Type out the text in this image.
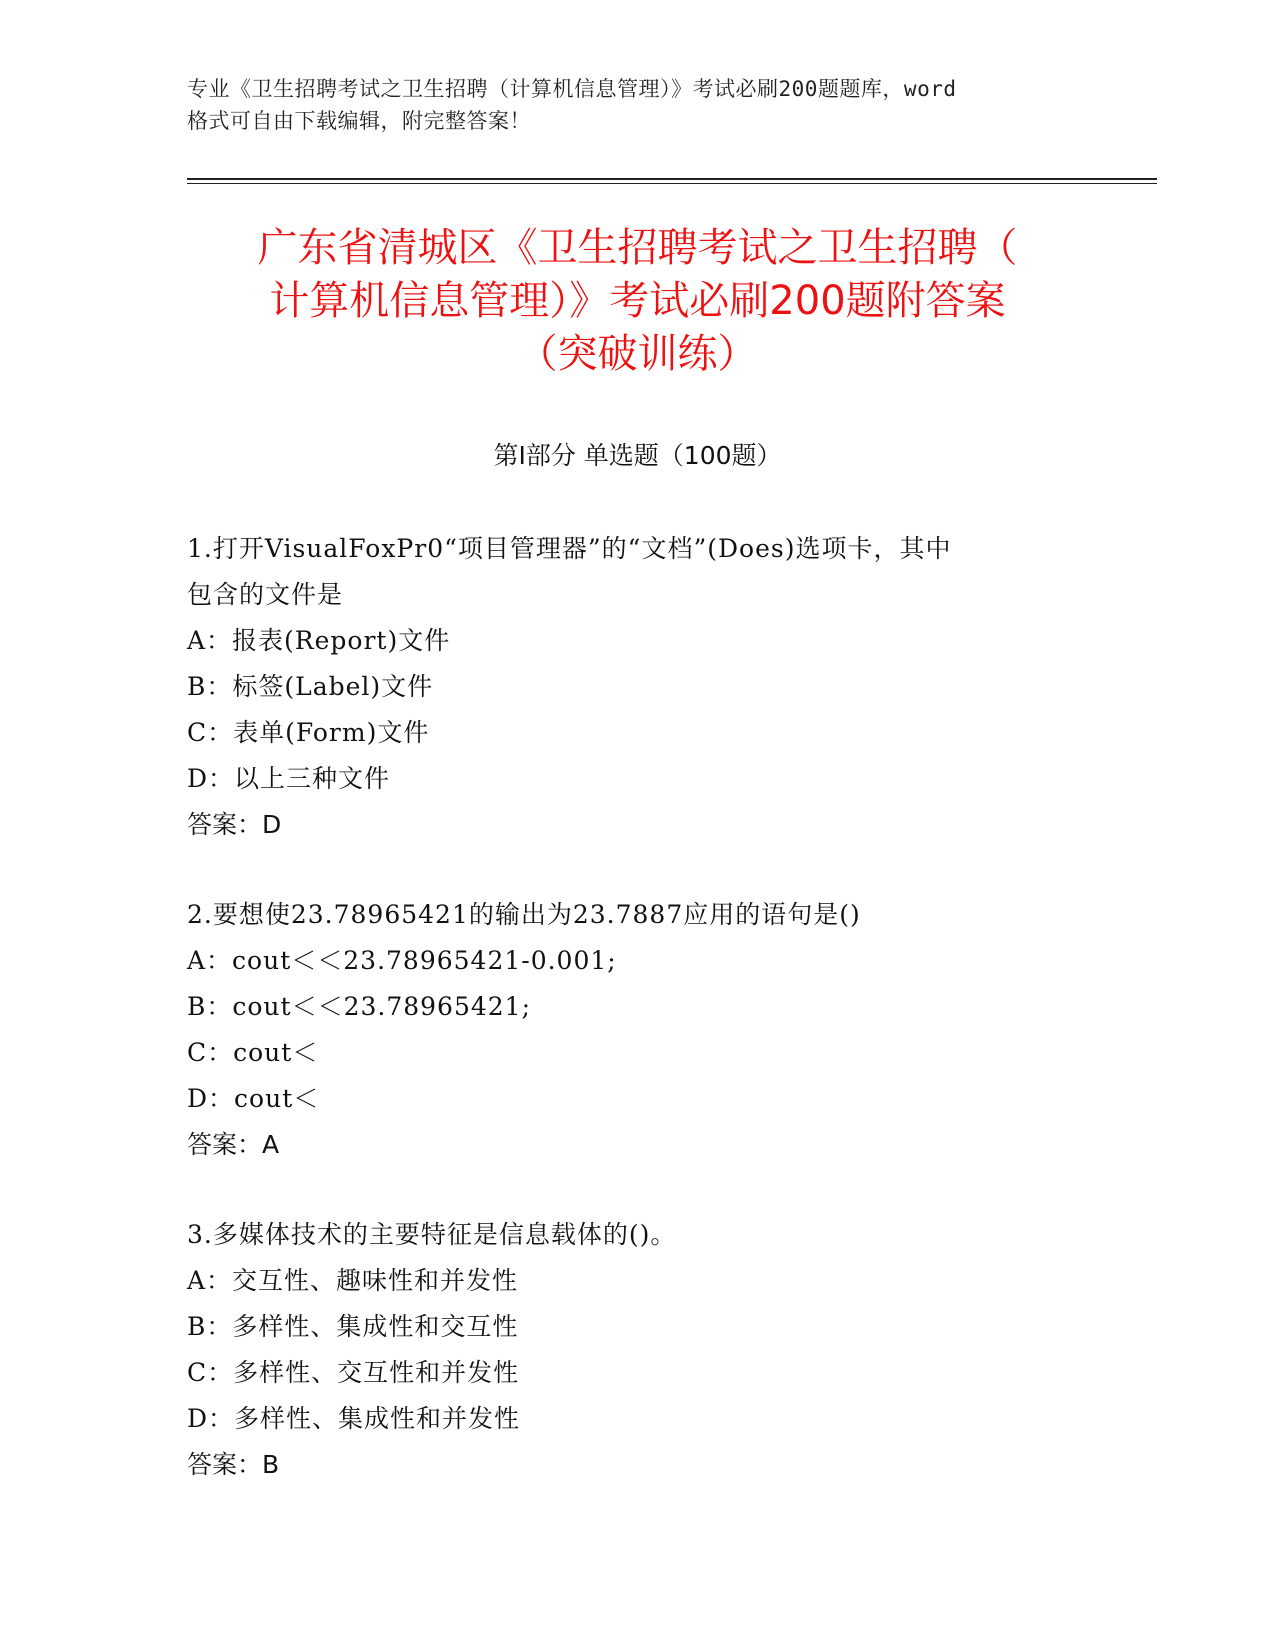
专业《卫生招聘考试之卫生招聘（计算机信息管理）》考试必刷200题题库，word
格式可自由下载编辑，附完整答案！
广东省清城区《卫生招聘考试之卫生招聘（
计算机信息管理）》考试必刷200题附答案
（突破训练）
第Ⅰ部分 单选题（100题）

1.打开VisualFoxPr0“项目管理器”的“文档”(Does)选项卡，其中

包含的文件是

A：报表(Report)文件

B：标签(Label)文件

C：表单(Form)文件

D：以上三种文件

答案：D

2.要想使23.78965421的输出为23.7887应用的语句是()

A：cout＜＜23.78965421-0.001;

B：cout＜＜23.78965421;

C：cout＜

D：cout＜

答案：A

3.多媒体技术的主要特征是信息载体的()。

A：交互性、趣味性和并发性

B：多样性、集成性和交互性

C：多样性、交互性和并发性

D：多样性、集成性和并发性

答案：B
